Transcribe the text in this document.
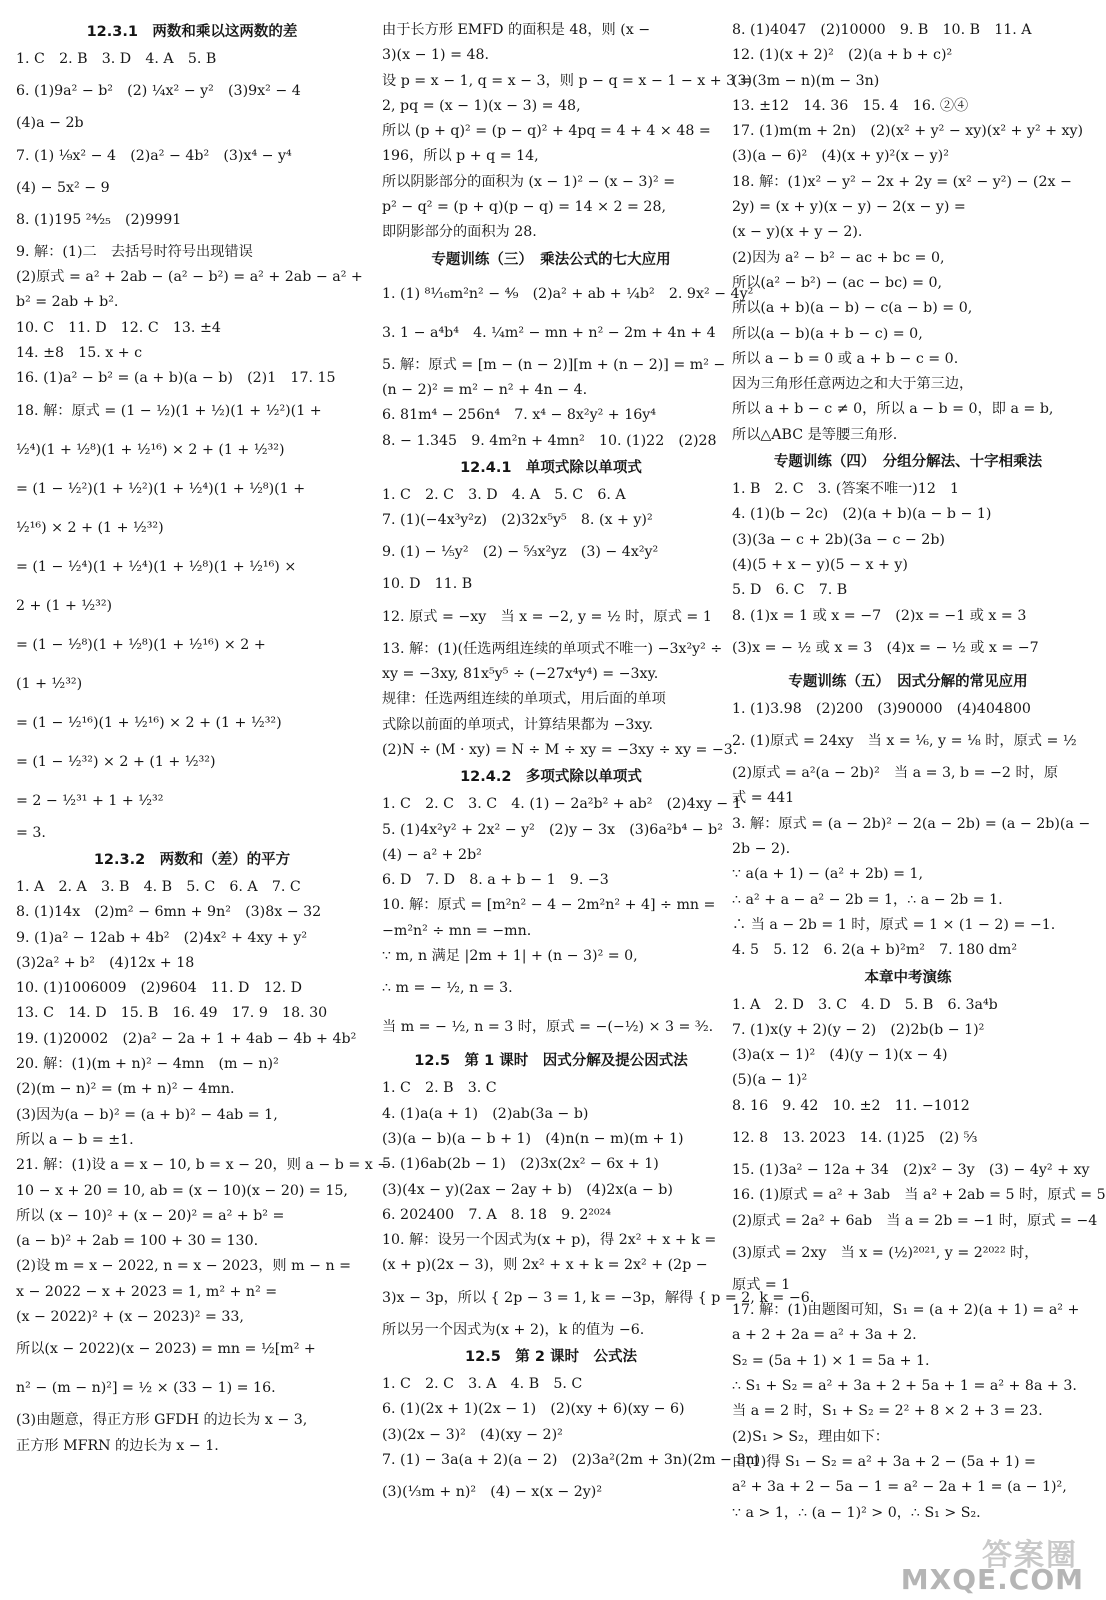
12.3.1　两数和乘以这两数的差
1. C　2. B　3. D　4. A　5. B
6. (1)9a² − b²　(2) ¼x² − y²　(3)9x² − 4
(4)a − 2b
7. (1) ¹⁄₉x² − 4　(2)a² − 4b²　(3)x⁴ − y⁴
(4) − 5x² − 9
8. (1)195 ²⁴⁄₂₅　(2)9991
9. 解：(1)二　去括号时符号出现错误
(2)原式 = a² + 2ab − (a² − b²) = a² + 2ab − a² +
b² = 2ab + b².
10. C　11. D　12. C　13. ±4
14. ±8　15. x + c
16. (1)a² − b² = (a + b)(a − b)　(2)1　17. 15
18. 解：原式 = (1 − ½)(1 + ½)(1 + ¹⁄₂²)(1 +
¹⁄₂⁴)(1 + ¹⁄₂⁸)(1 + ¹⁄₂¹⁶) × 2 + (1 + ¹⁄₂³²)
= (1 − ¹⁄₂²)(1 + ¹⁄₂²)(1 + ¹⁄₂⁴)(1 + ¹⁄₂⁸)(1 +
¹⁄₂¹⁶) × 2 + (1 + ¹⁄₂³²)
= (1 − ¹⁄₂⁴)(1 + ¹⁄₂⁴)(1 + ¹⁄₂⁸)(1 + ¹⁄₂¹⁶) ×
2 + (1 + ¹⁄₂³²)
= (1 − ¹⁄₂⁸)(1 + ¹⁄₂⁸)(1 + ¹⁄₂¹⁶) × 2 +
(1 + ¹⁄₂³²)
= (1 − ¹⁄₂¹⁶)(1 + ¹⁄₂¹⁶) × 2 + (1 + ¹⁄₂³²)
= (1 − ¹⁄₂³²) × 2 + (1 + ¹⁄₂³²)
= 2 − ¹⁄₂³¹ + 1 + ¹⁄₂³²
= 3.
12.3.2　两数和（差）的平方
1. A　2. A　3. B　4. B　5. C　6. A　7. C
8. (1)14x　(2)m² − 6mn + 9n²　(3)8x − 32
9. (1)a² − 12ab + 4b²　(2)4x² + 4xy + y²
(3)2a² + b²　(4)12x + 18
10. (1)1006009　(2)9604　11. D　12. D
13. C　14. D　15. B　16. 49　17. 9　18. 30
19. (1)20002　(2)a² − 2a + 1 + 4ab − 4b + 4b²
20. 解：(1)(m + n)² − 4mn　(m − n)²
(2)(m − n)² = (m + n)² − 4mn.
(3)因为(a − b)² = (a + b)² − 4ab = 1,
所以 a − b = ±1.
21. 解：(1)设 a = x − 10, b = x − 20，则 a − b = x −
10 − x + 20 = 10, ab = (x − 10)(x − 20) = 15,
所以 (x − 10)² + (x − 20)² = a² + b² =
(a − b)² + 2ab = 100 + 30 = 130.
(2)设 m = x − 2022, n = x − 2023，则 m − n =
x − 2022 − x + 2023 = 1, m² + n² =
(x − 2022)² + (x − 2023)² = 33,
所以(x − 2022)(x − 2023) = mn = ½[m² +
n² − (m − n)²] = ½ × (33 − 1) = 16.
(3)由题意，得正方形 GFDH 的边长为 x − 3,
正方形 MFRN 的边长为 x − 1.
由于长方形 EMFD 的面积是 48，则 (x −
3)(x − 1) = 48.
设 p = x − 1, q = x − 3，则 p − q = x − 1 − x + 3 =
2, pq = (x − 1)(x − 3) = 48,
所以 (p + q)² = (p − q)² + 4pq = 4 + 4 × 48 =
196，所以 p + q = 14,
所以阴影部分的面积为 (x − 1)² − (x − 3)² =
p² − q² = (p + q)(p − q) = 14 × 2 = 28,
即阴影部分的面积为 28.
专题训练（三）　乘法公式的七大应用
1. (1) ⁸¹⁄₁₆m²n² − ⁴⁄₉　(2)a² + ab + ¼b²　2. 9x² − 4y²
3. 1 − a⁴b⁴　4. ¼m² − mn + n² − 2m + 4n + 4
5. 解：原式 = [m − (n − 2)][m + (n − 2)] = m² −
(n − 2)² = m² − n² + 4n − 4.
6. 81m⁴ − 256n⁴　7. x⁴ − 8x²y² + 16y⁴
8. − 1.345　9. 4m²n + 4mn²　10. (1)22　(2)28
12.4.1　单项式除以单项式
1. C　2. C　3. D　4. A　5. C　6. A
7. (1)(−4x³y²z)　(2)32x⁵y⁵　8. (x + y)²
9. (1) − ⅕y²　(2) − ⁵⁄₃x²yz　(3) − 4x²y²
10. D　11. B
12. 原式 = −xy　当 x = −2, y = ½ 时，原式 = 1
13. 解：(1)(任选两组连续的单项式不唯一) −3x²y² ÷
xy = −3xy, 81x⁵y⁵ ÷ (−27x⁴y⁴) = −3xy.
规律：任选两组连续的单项式，用后面的单项
式除以前面的单项式，计算结果都为 −3xy.
(2)N ÷ (M · xy) = N ÷ M ÷ xy = −3xy ÷ xy = −3.
12.4.2　多项式除以单项式
1. C　2. C　3. C　4. (1) − 2a²b² + ab²　(2)4xy − 1
5. (1)4x²y² + 2x² − y²　(2)y − 3x　(3)6a²b⁴ − b²
(4) − a² + 2b²
6. D　7. D　8. a + b − 1　9. −3
10. 解：原式 = [m²n² − 4 − 2m²n² + 4] ÷ mn =
−m²n² ÷ mn = −mn.
∵ m, n 满足 |2m + 1| + (n − 3)² = 0,
∴ m = − ½, n = 3.
当 m = − ½, n = 3 时，原式 = −(−½) × 3 = ³⁄₂.
12.5　第 1 课时　因式分解及提公因式法
1. C　2. B　3. C
4. (1)a(a + 1)　(2)ab(3a − b)
(3)(a − b)(a − b + 1)　(4)n(n − m)(m + 1)
5. (1)6ab(2b − 1)　(2)3x(2x² − 6x + 1)
(3)(4x − y)(2ax − 2ay + b)　(4)2x(a − b)
6. 202400　7. A　8. 18　9. 2²⁰²⁴
10. 解：设另一个因式为(x + p)，得 2x² + x + k =
(x + p)(2x − 3)，则 2x² + x + k = 2x² + (2p −
3)x − 3p，所以 { 2p − 3 = 1, k = −3p，解得 { p = 2, k = −6.
所以另一个因式为(x + 2)，k 的值为 −6.
12.5　第 2 课时　公式法
1. C　2. C　3. A　4. B　5. C
6. (1)(2x + 1)(2x − 1)　(2)(xy + 6)(xy − 6)
(3)(2x − 3)²　(4)(xy − 2)²
7. (1) − 3a(a + 2)(a − 2)　(2)3a²(2m + 3n)(2m − 3n)
(3)(⅓m + n)²　(4) − x(x − 2y)²
8. (1)4047　(2)10000　9. B　10. B　11. A
12. (1)(x + 2)²　(2)(a + b + c)²
(3)(3m − n)(m − 3n)
13. ±12　14. 36　15. 4　16. ②④
17. (1)m(m + 2n)　(2)(x² + y² − xy)(x² + y² + xy)
(3)(a − 6)²　(4)(x + y)²(x − y)²
18. 解：(1)x² − y² − 2x + 2y = (x² − y²) − (2x −
2y) = (x + y)(x − y) − 2(x − y) =
(x − y)(x + y − 2).
(2)因为 a² − b² − ac + bc = 0,
所以(a² − b²) − (ac − bc) = 0,
所以(a + b)(a − b) − c(a − b) = 0,
所以(a − b)(a + b − c) = 0,
所以 a − b = 0 或 a + b − c = 0.
因为三角形任意两边之和大于第三边，
所以 a + b − c ≠ 0，所以 a − b = 0，即 a = b,
所以△ABC 是等腰三角形.
专题训练（四）　分组分解法、十字相乘法
1. B　2. C　3. (答案不唯一)12　1
4. (1)(b − 2c)　(2)(a + b)(a − b − 1)
(3)(3a − c + 2b)(3a − c − 2b)
(4)(5 + x − y)(5 − x + y)
5. D　6. C　7. B
8. (1)x = 1 或 x = −7　(2)x = −1 或 x = 3
(3)x = − ½ 或 x = 3　(4)x = − ½ 或 x = −7
专题训练（五）　因式分解的常见应用
1. (1)3.98　(2)200　(3)90000　(4)404800
2. (1)原式 = 24xy　当 x = ⅙, y = ⅛ 时，原式 = ½
(2)原式 = a²(a − 2b)²　当 a = 3, b = −2 时，原
式 = 441
3. 解：原式 = (a − 2b)² − 2(a − 2b) = (a − 2b)(a −
2b − 2).
∵ a(a + 1) − (a² + 2b) = 1,
∴ a² + a − a² − 2b = 1，∴ a − 2b = 1.
∴ 当 a − 2b = 1 时，原式 = 1 × (1 − 2) = −1.
4. 5　5. 12　6. 2(a + b)²m²　7. 180 dm²
本章中考演练
1. A　2. D　3. C　4. D　5. B　6. 3a⁴b
7. (1)x(y + 2)(y − 2)　(2)2b(b − 1)²
(3)a(x − 1)²　(4)(y − 1)(x − 4)
(5)(a − 1)²
8. 16　9. 42　10. ±2　11. −1012
12. 8　13. 2023　14. (1)25　(2) ⁵⁄₃
15. (1)3a² − 12a + 34　(2)x² − 3y　(3) − 4y² + xy
16. (1)原式 = a² + 3ab　当 a² + 2ab = 5 时，原式 = 5
(2)原式 = 2a² + 6ab　当 a = 2b = −1 时，原式 = −4
(3)原式 = 2xy　当 x = (½)²⁰²¹, y = 2²⁰²² 时，
原式 = 1
17. 解：(1)由题图可知，S₁ = (a + 2)(a + 1) = a² +
a + 2 + 2a = a² + 3a + 2.
S₂ = (5a + 1) × 1 = 5a + 1.
∴ S₁ + S₂ = a² + 3a + 2 + 5a + 1 = a² + 8a + 3.
当 a = 2 时，S₁ + S₂ = 2² + 8 × 2 + 3 = 23.
(2)S₁ > S₂，理由如下：
由(1)得 S₁ − S₂ = a² + 3a + 2 − (5a + 1) =
a² + 3a + 2 − 5a − 1 = a² − 2a + 1 = (a − 1)²,
∵ a > 1，∴ (a − 1)² > 0，∴ S₁ > S₂.
答案圈
MXQE.COM
